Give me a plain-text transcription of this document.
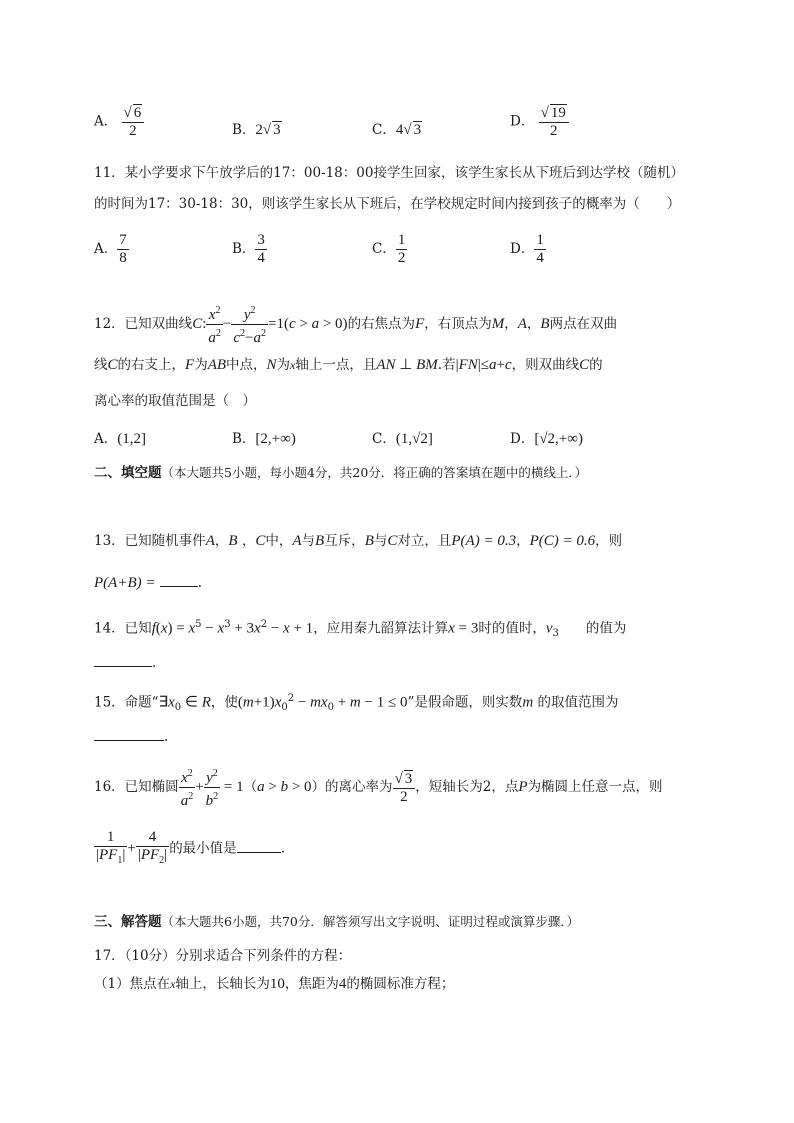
A． $\frac{√ 6}{2}$	B．2√ 3	C．4√ 3
D． $\frac{√ 19}{2}$
11．某小学要求下午放学后的17：00-18：00接学生回家，该学生家长从下班后到达学校（随机）
的时间为17：30-18：30，则该学生家长从下班后，在学校规定时间内接到孩子的概率为（　　）
A． $\frac{7}{8}$	B． $\frac{3}{4}$	C． $\frac{1}{2}$	D． $\frac{1}{4}$
12．已知双曲线C: $\frac{x^2}{a^2} - \frac{y^2}{c^2-a^2} =1(c > a > 0)$的右焦点为F，右顶点为M，A，B两点在双曲
线C的右支上，F为AB中点，N为x轴上一点，且AN ⊥ BM.若|FN|≤a+c，则双曲线C的
离心率的取值范围是（　）
A．(1,2]	B．[2,+∞)	C．(1,√2]	D．[√2,+∞)
二、填空题（本大题共5小题，每小题4分，共20分．将正确的答案填在题中的横线上．）
13．已知随机事件A，B ，C中，A与B互斥，B与C对立，且P(A) = 0.3，P(C) = 0.6，则
P(A+B) =	.
14．已知$f(x) = x^5 - x^3 + 3x^2 - x + 1$，应用秦九韶算法计算x = 3时的值时，$v_3$　　 的值为
.
15．命题“$\exists x_0$ ∈ R，使$(m+1)x_0^2 - mx_0 + m - 1 \le 0$”是假命题，则实数m 的取值范围为
.
16．已知椭圆 $\frac{x^2}{a^2} + \frac{y^2}{b^2} = 1(a > b > 0)$的离心率为 $\frac{√ 3}{2}$ ，短轴长为2，点P为椭圆上任意一点，则
$\frac{1}{|PF_1|} + \frac{4}{|PF_2|}$ 的最小值是	.
三、解答题（本大题共6小题，共70分．解答须写出文字说明、证明过程或演算步骤．）
17．（10分）分别求适合下列条件的方程：
（1）焦点在x轴上，长轴长为10，焦距为4的椭圆标准方程；
